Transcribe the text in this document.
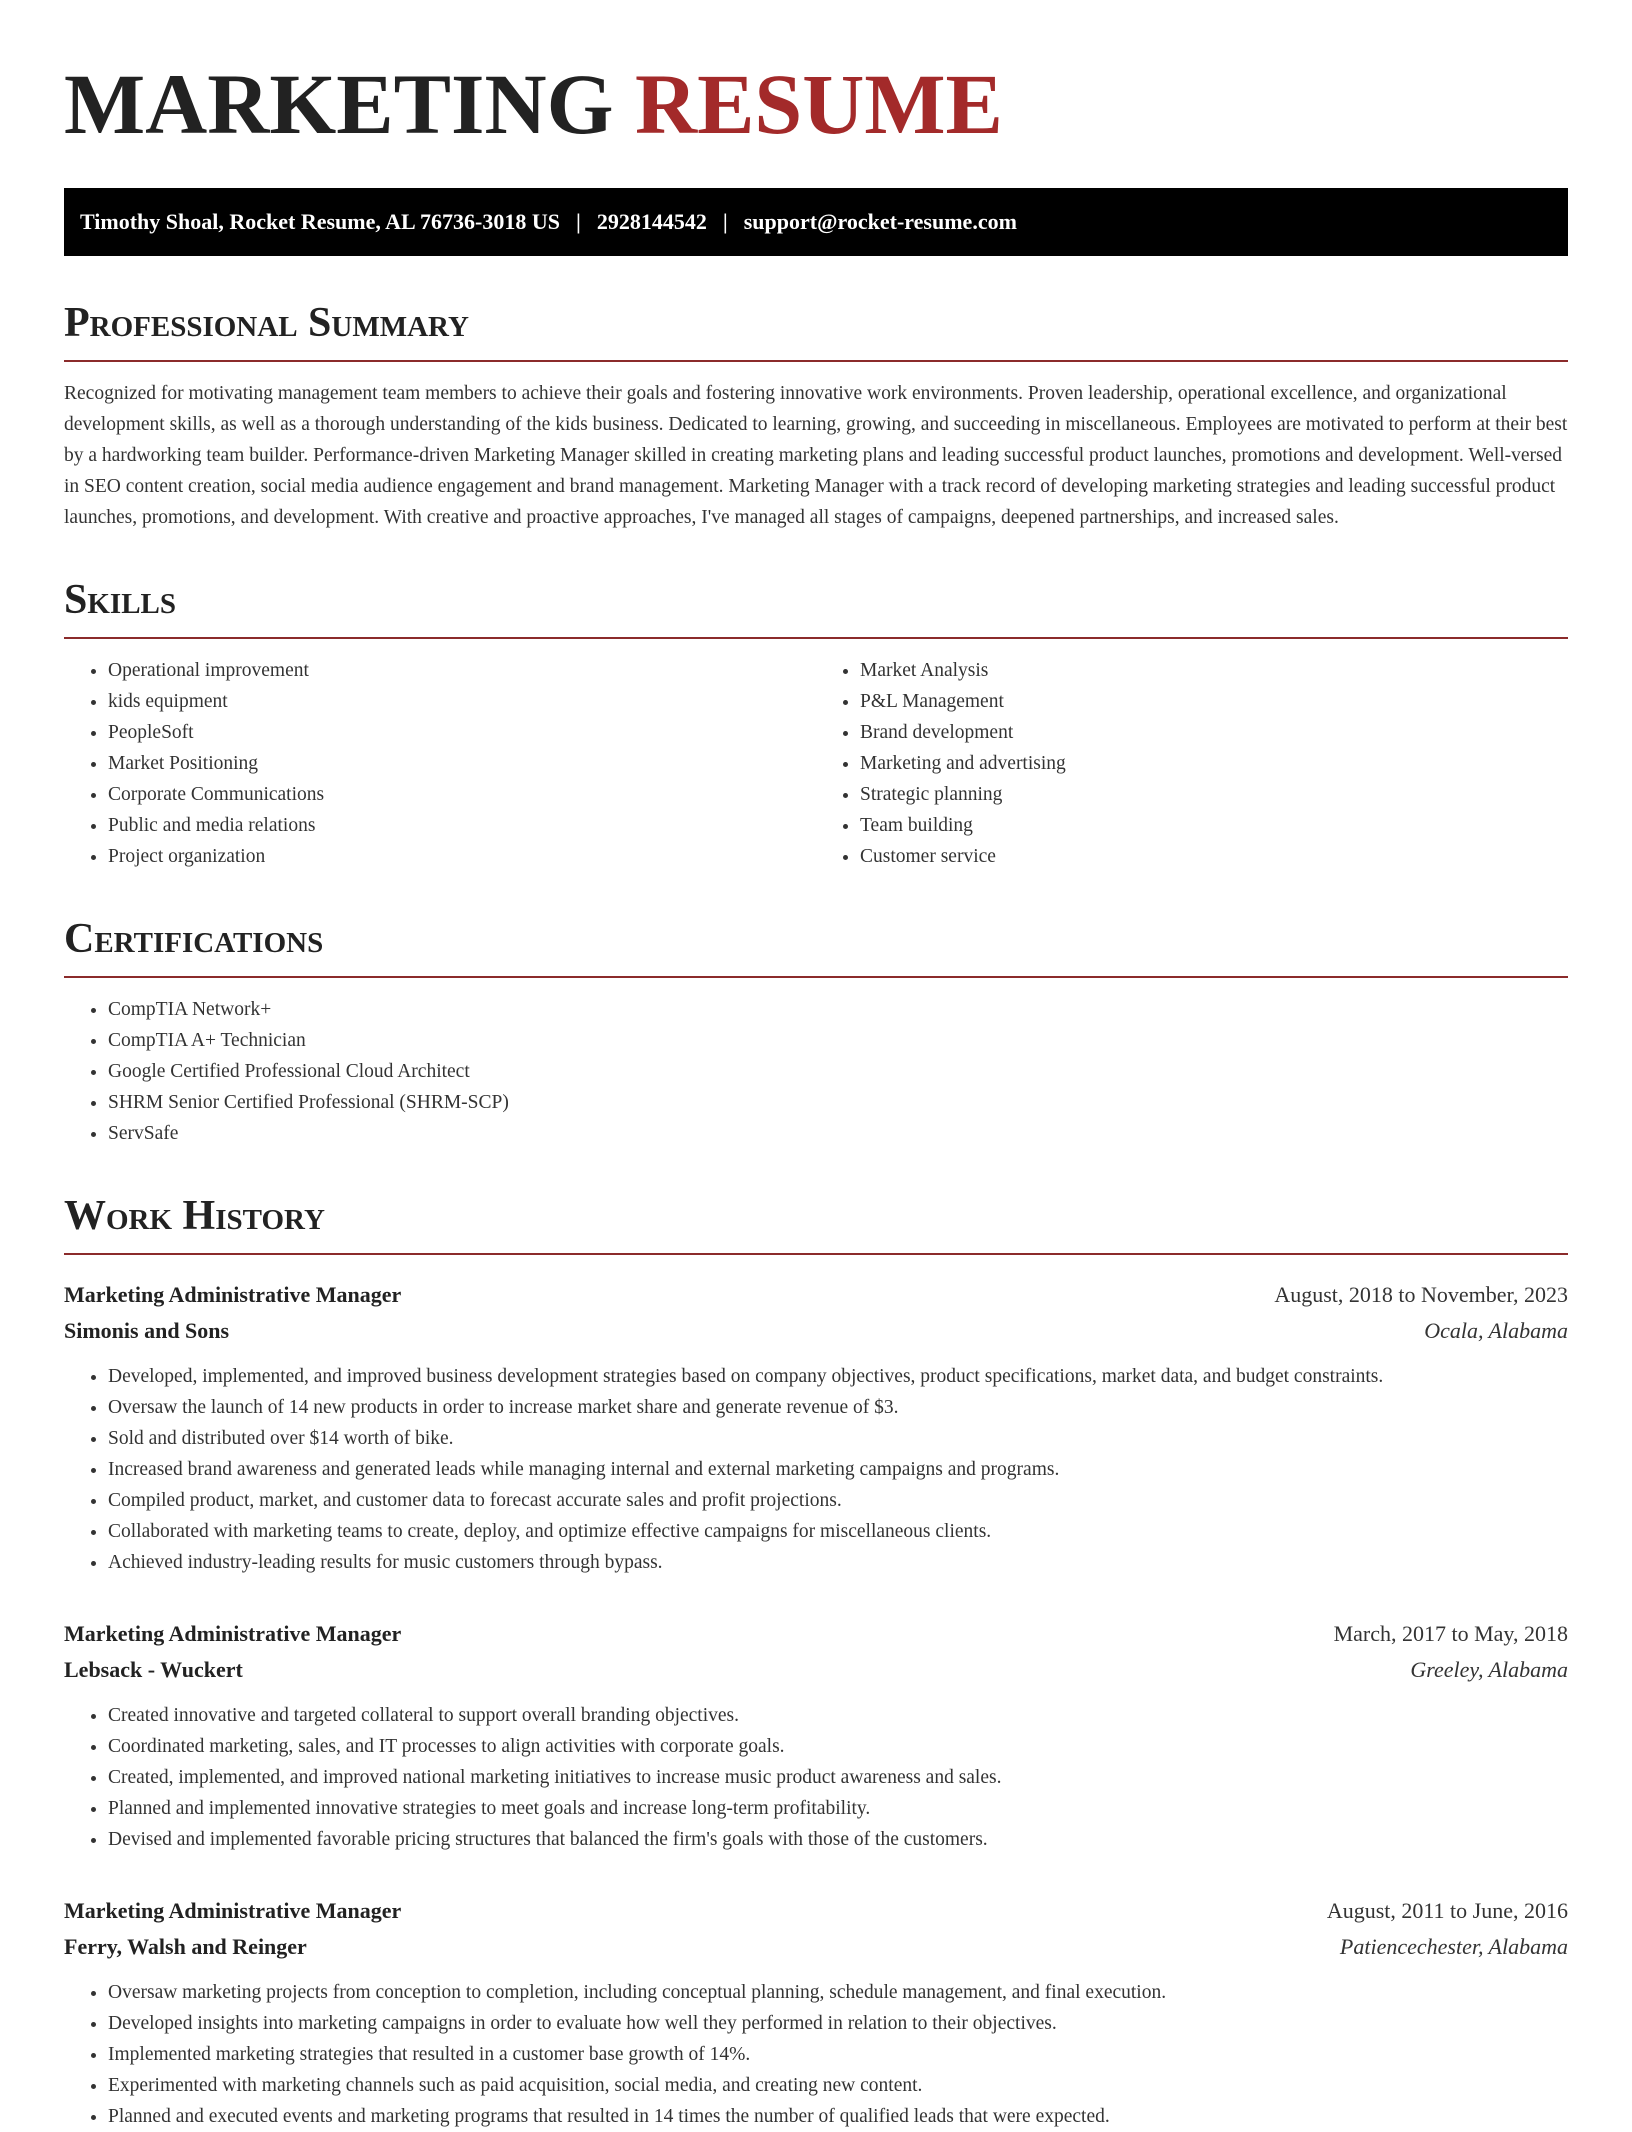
MARKETING RESUME
Timothy Shoal, Rocket Resume, AL 76736-3018 US | 2928144542 | support@rocket-resume.com
Professional Summary

Recognized for motivating management team members to achieve their goals and fostering innovative work environments. Proven leadership, operational excellence, and organizational development skills, as well as a thorough understanding of the kids business. Dedicated to learning, growing, and succeeding in miscellaneous. Employees are motivated to perform at their best by a hardworking team builder. Performance-driven Marketing Manager skilled in creating marketing plans and leading successful product launches, promotions and development. Well-versed in SEO content creation, social media audience engagement and brand management. Marketing Manager with a track record of developing marketing strategies and leading successful product launches, promotions, and development. With creative and proactive approaches, I've managed all stages of campaigns, deepened partnerships, and increased sales.

Skills
• Operational improvement
• kids equipment
• PeopleSoft
• Market Positioning
• Corporate Communications
• Public and media relations
• Project organization
• Market Analysis
• P&L Management
• Brand development
• Marketing and advertising
• Strategic planning
• Team building
• Customer service
Certifications
• CompTIA Network+
• CompTIA A+ Technician
• Google Certified Professional Cloud Architect
• SHRM Senior Certified Professional (SHRM-SCP)
• ServSafe
Work History
Marketing Administrative Manager	August, 2018 to November, 2023
Simonis and Sons	Ocala, Alabama
• Developed, implemented, and improved business development strategies based on company objectives, product specifications, market data, and budget constraints.
• Oversaw the launch of 14 new products in order to increase market share and generate revenue of $3.
• Sold and distributed over $14 worth of bike.
• Increased brand awareness and generated leads while managing internal and external marketing campaigns and programs.
• Compiled product, market, and customer data to forecast accurate sales and profit projections.
• Collaborated with marketing teams to create, deploy, and optimize effective campaigns for miscellaneous clients.
• Achieved industry-leading results for music customers through bypass.
Marketing Administrative Manager	March, 2017 to May, 2018
Lebsack - Wuckert	Greeley, Alabama
• Created innovative and targeted collateral to support overall branding objectives.
• Coordinated marketing, sales, and IT processes to align activities with corporate goals.
• Created, implemented, and improved national marketing initiatives to increase music product awareness and sales.
• Planned and implemented innovative strategies to meet goals and increase long-term profitability.
• Devised and implemented favorable pricing structures that balanced the firm's goals with those of the customers.
Marketing Administrative Manager	August, 2011 to June, 2016
Ferry, Walsh and Reinger	Patiencechester, Alabama
• Oversaw marketing projects from conception to completion, including conceptual planning, schedule management, and final execution.
• Developed insights into marketing campaigns in order to evaluate how well they performed in relation to their objectives.
• Implemented marketing strategies that resulted in a customer base growth of 14%.
• Experimented with marketing channels such as paid acquisition, social media, and creating new content.
• Planned and executed events and marketing programs that resulted in 14 times the number of qualified leads that were expected.
